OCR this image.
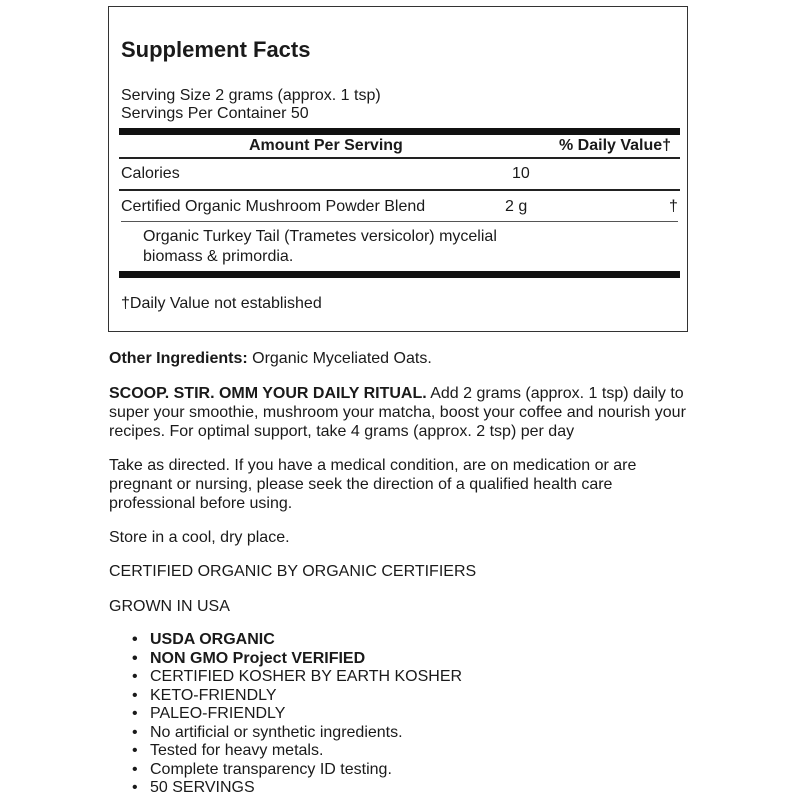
Supplement Facts
Serving Size 2 grams (approx. 1 tsp)
Servings Per Container 50
Amount Per Serving	% Daily Value†
Calories	10
Certified Organic Mushroom Powder Blend	2 g	†
Organic Turkey Tail (Trametes versicolor) mycelial biomass & primordia.
†Daily Value not established

Other Ingredients: Organic Myceliated Oats.

SCOOP. STIR. OMM YOUR DAILY RITUAL. Add 2 grams (approx. 1 tsp) daily to super your smoothie, mushroom your matcha, boost your coffee and nourish your recipes. For optimal support, take 4 grams (approx. 2 tsp) per day

Take as directed. If you have a medical condition, are on medication or are pregnant or nursing, please seek the direction of a qualified health care professional before using.

Store in a cool, dry place.

CERTIFIED ORGANIC BY ORGANIC CERTIFIERS

GROWN IN USA

• USDA ORGANIC
• NON GMO Project VERIFIED
• CERTIFIED KOSHER BY EARTH KOSHER
• KETO-FRIENDLY
• PALEO-FRIENDLY
• No artificial or synthetic ingredients.
• Tested for heavy metals.
• Complete transparency ID testing.
• 50 SERVINGS
